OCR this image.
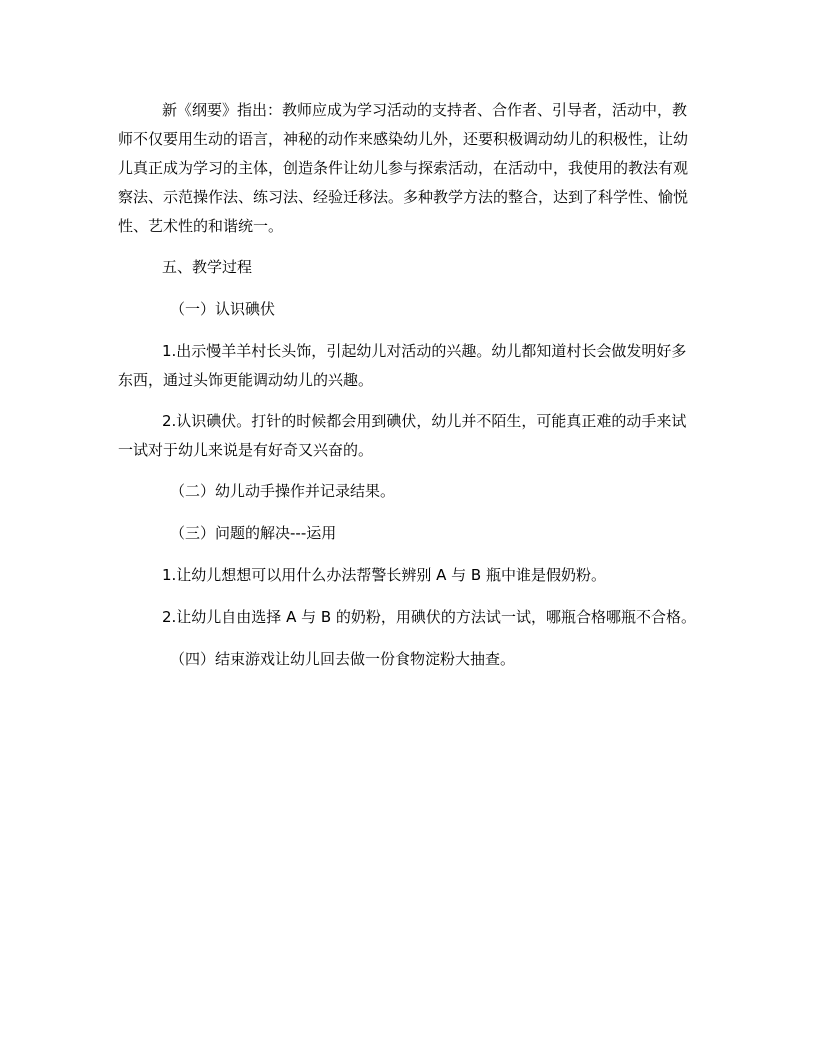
新《纲要》指出：教师应成为学习活动的支持者、合作者、引导者，活动中，教师不仅要用生动的语言，神秘的动作来感染幼儿外，还要积极调动幼儿的积极性，让幼儿真正成为学习的主体，创造条件让幼儿参与探索活动，在活动中，我使用的教法有观察法、示范操作法、练习法、经验迁移法。多种教学方法的整合，达到了科学性、愉悦性、艺术性的和谐统一。

五、教学过程

（一）认识碘伏

1.出示慢羊羊村长头饰，引起幼儿对活动的兴趣。幼儿都知道村长会做发明好多东西，通过头饰更能调动幼儿的兴趣。

2.认识碘伏。打针的时候都会用到碘伏，幼儿并不陌生，可能真正难的动手来试一试对于幼儿来说是有好奇又兴奋的。

（二）幼儿动手操作并记录结果。

（三）问题的解决---运用

1.让幼儿想想可以用什么办法帮警长辨别 A 与 B 瓶中谁是假奶粉。

2.让幼儿自由选择 A 与 B 的奶粉，用碘伏的方法试一试，哪瓶合格哪瓶不合格。

（四）结束游戏让幼儿回去做一份食物淀粉大抽查。
